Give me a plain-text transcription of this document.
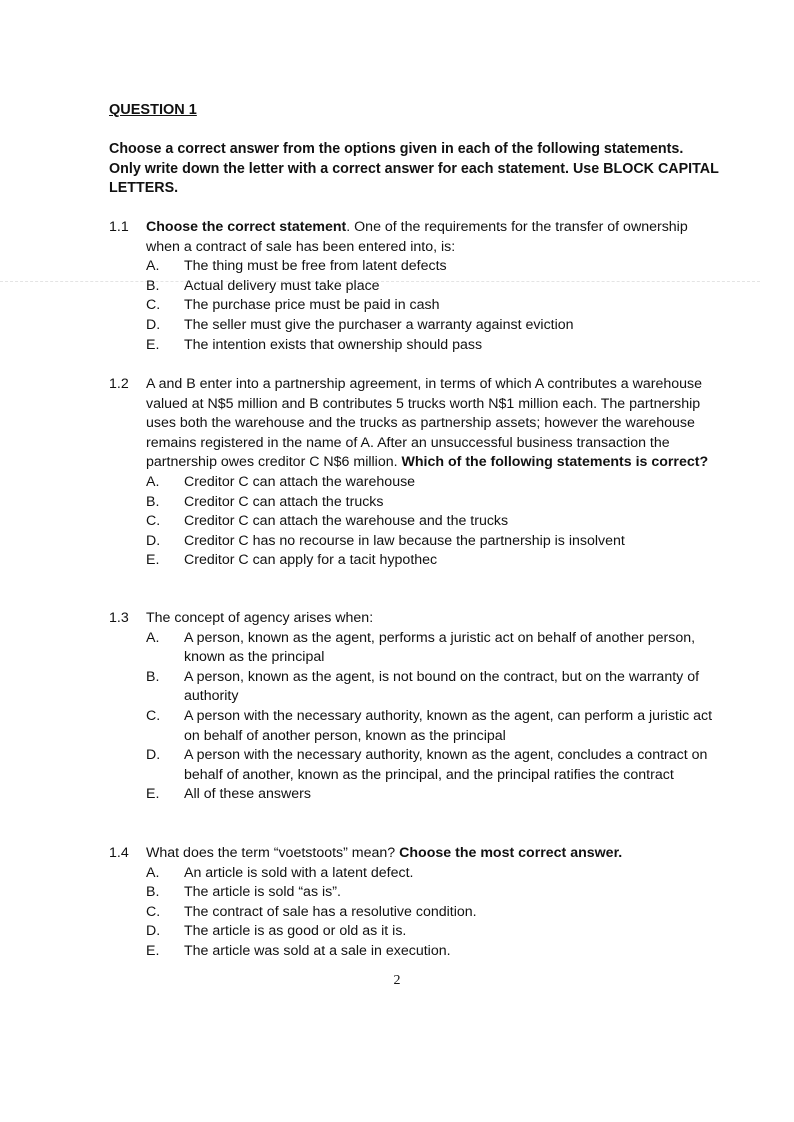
QUESTION 1
Choose a correct answer from the options given in each of the following statements. Only write down the letter with a correct answer for each statement. Use BLOCK CAPITAL LETTERS.
1.1 Choose the correct statement. One of the requirements for the transfer of ownership when a contract of sale has been entered into, is:
A. The thing must be free from latent defects
B. Actual delivery must take place
C. The purchase price must be paid in cash
D. The seller must give the purchaser a warranty against eviction
E. The intention exists that ownership should pass
1.2 A and B enter into a partnership agreement, in terms of which A contributes a warehouse valued at N$5 million and B contributes 5 trucks worth N$1 million each. The partnership uses both the warehouse and the trucks as partnership assets; however the warehouse remains registered in the name of A. After an unsuccessful business transaction the partnership owes creditor C N$6 million. Which of the following statements is correct?
A. Creditor C can attach the warehouse
B. Creditor C can attach the trucks
C. Creditor C can attach the warehouse and the trucks
D. Creditor C has no recourse in law because the partnership is insolvent
E. Creditor C can apply for a tacit hypothec
1.3 The concept of agency arises when:
A. A person, known as the agent, performs a juristic act on behalf of another person, known as the principal
B. A person, known as the agent, is not bound on the contract, but on the warranty of authority
C. A person with the necessary authority, known as the agent, can perform a juristic act on behalf of another person, known as the principal
D. A person with the necessary authority, known as the agent, concludes a contract on behalf of another, known as the principal, and the principal ratifies the contract
E. All of these answers
1.4 What does the term “voetstoots” mean? Choose the most correct answer.
A. An article is sold with a latent defect.
B. The article is sold “as is”.
C. The contract of sale has a resolutive condition.
D. The article is as good or old as it is.
E. The article was sold at a sale in execution.
2
